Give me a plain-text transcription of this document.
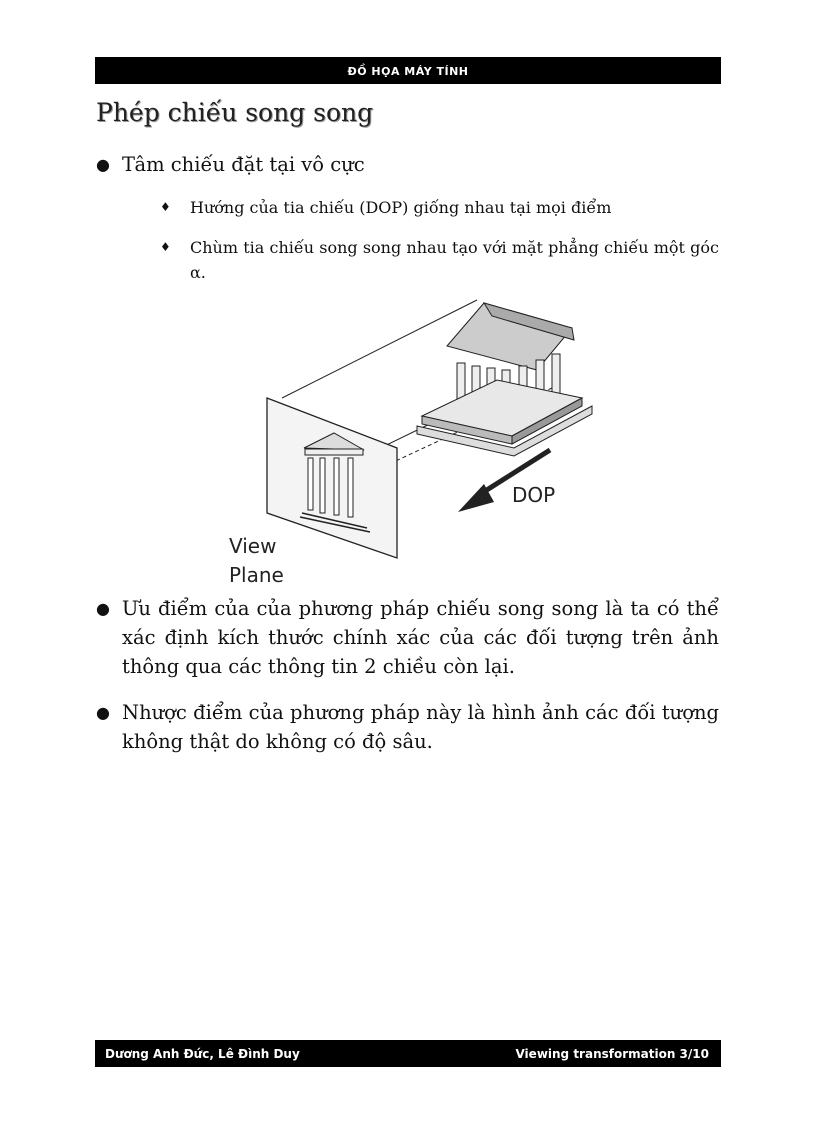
ĐỒ HỌA MÁY TÍNH
Phép chiếu song song
● Tâm chiếu đặt tại vô cực
♦ Hướng của tia chiếu (DOP) giống nhau tại mọi điểm
♦ Chùm tia chiếu song song nhau tạo với mặt phẳng chiếu một góc α.
DOP
View
Plane
● Ưu điểm của của phương pháp chiếu song song là ta có thể xác định kích thước chính xác của các đối tượng trên ảnh thông qua các thông tin 2 chiều còn lại.
● Nhược điểm của phương pháp này là hình ảnh các đối tượng không thật do không có độ sâu.
Dương Anh Đức, Lê Đình Duy	Viewing transformation 3/10
